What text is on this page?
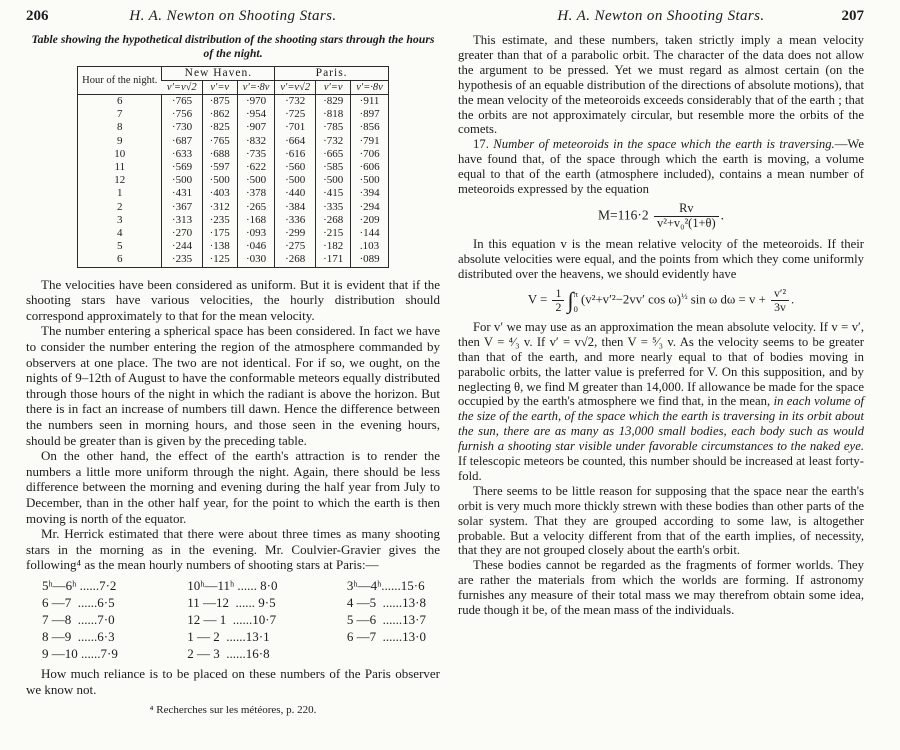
206	H. A. Newton on Shooting Stars.
Table showing the hypothetical distribution of the shooting stars through the hours of the night.
Hour of the night.	New Haven.			Paris.		
	v′=v√2	v′=v	v′=·8v	v′=v√2	v′=v	v′=·8v
6	·765	·875	·970	·732	·829	·911
7	·756	·862	·954	·725	·818	·897
8	·730	·825	·907	·701	·785	·856
9	·687	·765	·832	·664	·732	·791
10	·633	·688	·735	·616	·665	·706
11	·569	·597	·622	·560	·585	·606
12	·500	·500	·500	·500	·500	·500
1	·431	·403	·378	·440	·415	·394
2	·367	·312	·265	·384	·335	·294
3	·313	·235	·168	·336	·268	·209
4	·270	·175	·093	·299	·215	·144
5	·244	·138	·046	·275	·182	.103
6	·235	·125	·030	·268	·171	·089

The velocities have been considered as uniform. But it is evident that if the shooting stars have various velocities, the hourly distribution should correspond approximately to that for the mean velocity.

The number entering a spherical space has been considered. In fact we have to consider the number entering the region of the atmosphere commanded by observers at one place. The two are not identical. For if so, we ought, on the nights of 9–12th of August to have the conformable meteors equally distributed through those hours of the night in which the radiant is above the horizon. But there is in fact an increase of numbers till dawn. Hence the difference between the numbers seen in morning hours, and those seen in the evening hours, should be greater than is given by the preceding table.

On the other hand, the effect of the earth's attraction is to render the numbers a little more uniform through the night. Again, there should be less difference between the morning and evening during the half year from July to December, than in the other half year, for the point to which the earth is then moving is north of the equator.

Mr. Herrick estimated that there were about three times as many shooting stars in the morning as in the evening. Mr. Coulvier-Gravier gives the following⁴ as the mean hourly numbers of shooting stars at Paris:—

5ʰ—6ʰ ......7·2
6 —7  ......6·5
7 —8  ......7·0
8 —9  ......6·3
9 —10 ......7·9
10ʰ—11ʰ ...... 8·0
11 —12  ...... 9·5
12 — 1  ......10·7
1 — 2  ......13·1
2 — 3  ......16·8
3ʰ—4ʰ......15·6
4 —5  ......13·8
5 —6  ......13·7
6 —7  ......13·0

How much reliance is to be placed on these numbers of the Paris observer we know not.

⁴ Recherches sur les météores, p. 220.
H. A. Newton on Shooting Stars.	207

This estimate, and these numbers, taken strictly imply a mean velocity greater than that of a parabolic orbit. The character of the data does not allow the argument to be pressed. Yet we must regard as almost certain (on the hypothesis of an equable distribution of the directions of absolute motions), that the mean velocity of the meteoroids exceeds considerably that of the earth ; that the orbits are not approximately circular, but resemble more the orbits of the comets.

17. Number of meteoroids in the space which the earth is traversing.—We have found that, of the space through which the earth is moving, a volume equal to that of the earth (atmosphere included), contains a mean number of meteoroids expressed by the equation

$M=116\cdot 2 \frac{Rv}{\text{v²+v₀²(1+θ)}}$ .

In this equation v is the mean relative velocity of the meteoroids. If their absolute velocities were equal, and the points from which they come uniformly distributed over the heavens, we should evidently have

$V = \frac{1}{2}$ ∫ π
0
(v²+v′²−2vv′ cos ω)$^{\frac{1}{2}}$ sin ω $d\omega = v + \frac{\text{v′²}}{3v}$ .

For v′ we may use as an approximation the mean absolute velocity. If v = v′, then V = ⁴⁄₃ v. If v′ = v√2, then V = ⁵⁄₃ v. As the velocity seems to be greater than that of the earth, and more nearly equal to that of bodies moving in parabolic orbits, the latter value is preferred for V. On this supposition, and by neglecting θ, we find M greater than 14,000. If allowance be made for the space occupied by the earth's atmosphere we find that, in the mean, in each volume of the size of the earth, of the space which the earth is traversing in its orbit about the sun, there are as many as 13,000 small bodies, each body such as would furnish a shooting star visible under favorable circumstances to the naked eye. If telescopic meteors be counted, this number should be increased at least forty-fold.

There seems to be little reason for supposing that the space near the earth's orbit is very much more thickly strewn with these bodies than other parts of the solar system. That they are grouped according to some law, is altogether probable. But a velocity different from that of the earth implies, of necessity, that they are not grouped closely about the earth's orbit.

These bodies cannot be regarded as the fragments of former worlds. They are rather the materials from which the worlds are forming. If astronomy furnishes any measure of their total mass we may therefrom obtain some idea, rude though it be, of the mean mass of the individuals.
